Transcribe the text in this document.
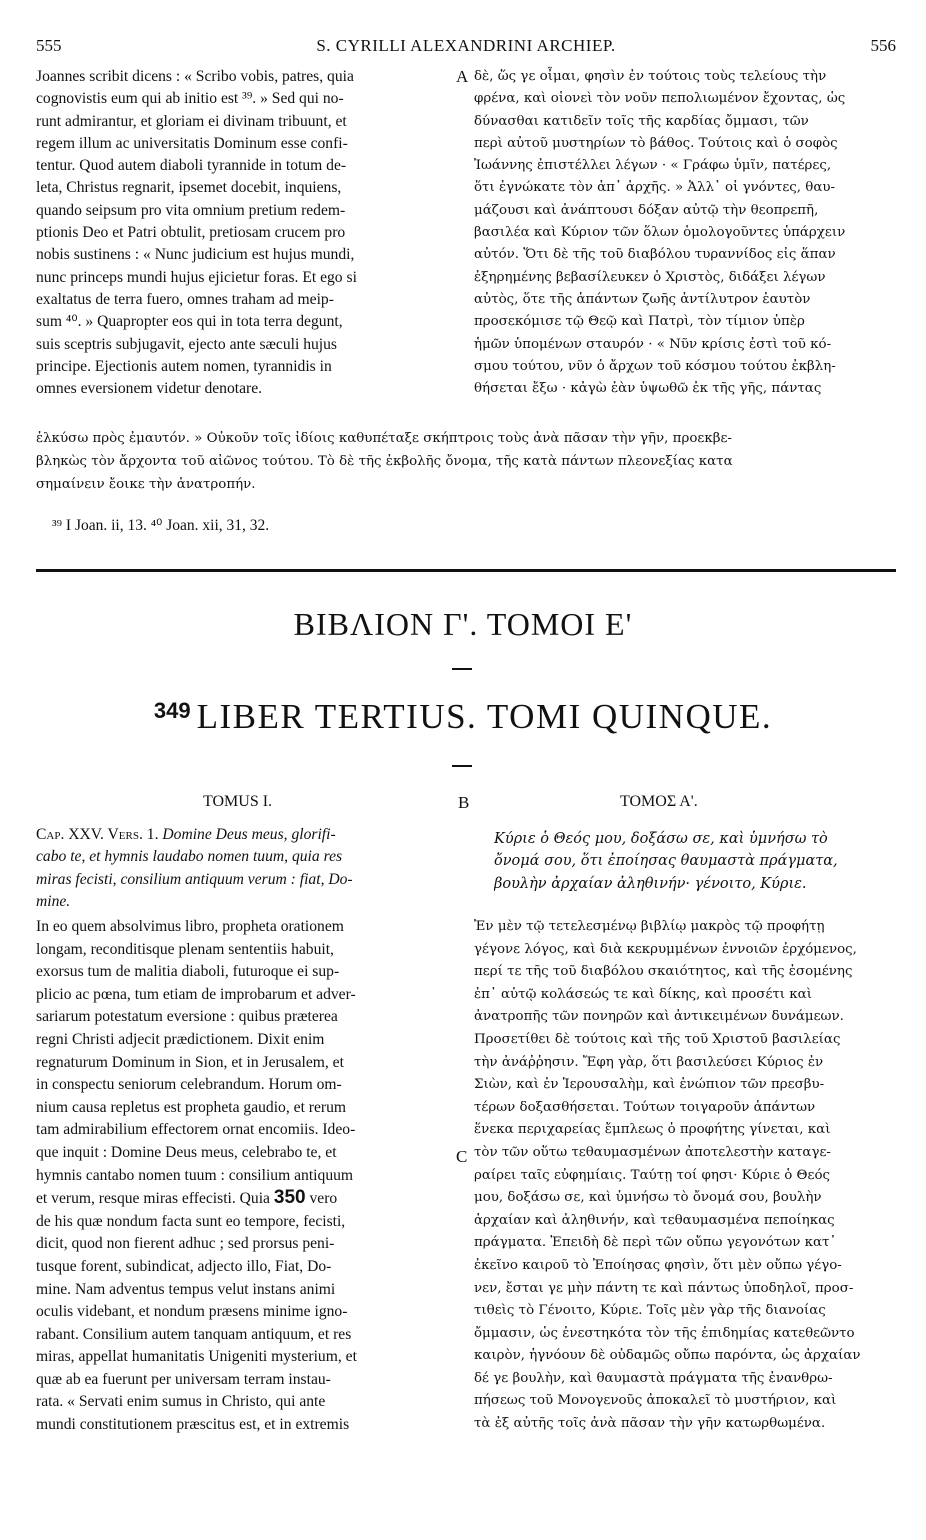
555	S. CYRILLI ALEXANDRINI ARCHIEP.	556

Joannes scribit dicens : « Scribo vobis, patres, quia

cognovistis eum qui ab initio est ³⁹. » Sed qui no-

runt admirantur, et gloriam ei divinam tribuunt, et

regem illum ac universitatis Dominum esse confi-

tentur. Quod autem diaboli tyrannide in totum de-

leta, Christus regnarit, ipsemet docebit, inquiens,

quando seipsum pro vita omnium pretium redem-

ptionis Deo et Patri obtulit, pretiosam crucem pro

nobis sustinens : « Nunc judicium est hujus mundi,

nunc princeps mundi hujus ejicietur foras. Et ego si

exaltatus de terra fuero, omnes traham ad meip-

sum ⁴⁰. » Quapropter eos qui in tota terra degunt,

suis sceptris subjugavit, ejecto ante sæculi hujus

principe. Ejectionis autem nomen, tyrannidis in

omnes eversionem videtur denotare.

A δὲ, ὥς γε οἶμαι, φησὶν ἐν τούτοις τοὺς τελείους τὴν

φρένα, καὶ οἱονεὶ τὸν νοῦν πεπολιωμένον ἔχοντας, ὡς

δύνασθαι κατιδεῖν τοῖς τῆς καρδίας ὄμμασι, τῶν

περὶ αὐτοῦ μυστηρίων τὸ βάθος. Τούτοις καὶ ὁ σοφὸς

Ἰωάννης ἐπιστέλλει λέγων · « Γράφω ὑμῖν, πατέρες,

ὅτι ἐγνώκατε τὸν ἀπ᾽ ἀρχῆς. » Ἀλλ᾽ οἱ γνόντες, θαυ-

μάζουσι καὶ ἀνάπτουσι δόξαν αὐτῷ τὴν θεοπρεπῆ,

βασιλέα καὶ Κύριον τῶν ὅλων ὁμολογοῦντες ὑπάρχειν

αὐτόν. Ὅτι δὲ τῆς τοῦ διαβόλου τυραννίδος εἰς ἅπαν

ἐξηρημένης βεβασίλευκεν ὁ Χριστὸς, διδάξει λέγων

αὐτὸς, ὅτε τῆς ἁπάντων ζωῆς ἀντίλυτρον ἑαυτὸν

προσεκόμισε τῷ Θεῷ καὶ Πατρὶ, τὸν τίμιον ὑπὲρ

ἡμῶν ὑπομένων σταυρόν · « Νῦν κρίσις ἐστὶ τοῦ κό-

σμου τούτου, νῦν ὁ ἄρχων τοῦ κόσμου τούτου ἐκβλη-

θήσεται ἔξω · κἀγὼ ἐὰν ὑψωθῶ ἐκ τῆς γῆς, πάντας

ἑλκύσω πρὸς ἐμαυτόν. » Οὐκοῦν τοῖς ἰδίοις καθυπέταξε σκήπτροις τοὺς ἀνὰ πᾶσαν τὴν γῆν, προεκβε-
βληκὼς τὸν ἄρχοντα τοῦ αἰῶνος τούτου. Τὸ δὲ τῆς ἐκβολῆς ὄνομα, τῆς κατὰ πάντων πλεονεξίας κατα
σημαίνειν ἔοικε τὴν ἀνατροπήν.
³⁹ I Joan. ii, 13. ⁴⁰ Joan. xii, 31, 32.
ΒΙΒΛΙΟΝ Γ'. ΤΟΜΟΙ Ε'
$^{349}$ LIBER TERTIUS. TOMI QUINQUE.
TOMUS I.	B	ΤΟΜΟΣ Α'.

Cap. XXV. Vers. 1. Domine Deus meus, glorifi-

cabo te, et hymnis laudabo nomen tuum, quia res

miras fecisti, consilium antiquum verum : fiat, Do-

mine.

Κύριε ὁ Θεός μου, δοξάσω σε, καὶ ὑμνήσω τὸ

ὄνομά σου, ὅτι ἐποίησας θαυμαστὰ πράγματα,

βουλὴν ἀρχαίαν ἀληθινήν· γένοιτο, Κύριε.

In eo quem absolvimus libro, propheta orationem

longam, reconditisque plenam sententiis habuit,

exorsus tum de malitia diaboli, futuroque ei sup-

plicio ac pœna, tum etiam de improbarum et adver-

sariarum potestatum eversione : quibus præterea

regni Christi adjecit prædictionem. Dixit enim

regnaturum Dominum in Sion, et in Jerusalem, et

in conspectu seniorum celebrandum. Horum om-

nium causa repletus est propheta gaudio, et rerum

tam admirabilium effectorem ornat encomiis. Ideo-

que inquit : Domine Deus meus, celebrabo te, et

hymnis cantabo nomen tuum : consilium antiquum

et verum, resque miras effecisti. Quia 350 vero

de his quæ nondum facta sunt eo tempore, fecisti,

dicit, quod non fierent adhuc ; sed prorsus peni-

tusque forent, subindicat, adjecto illo, Fiat, Do-

mine. Nam adventus tempus velut instans animi

oculis videbant, et nondum præsens minime igno-

rabant. Consilium autem tanquam antiquum, et res

miras, appellat humanitatis Unigeniti mysterium, et

quæ ab ea fuerunt per universam terram instau-

rata. « Servati enim sumus in Christo, qui ante

mundi constitutionem præscitus est, et in extremis

C

Ἐν μὲν τῷ τετελεσμένῳ βιβλίῳ μακρὸς τῷ προφήτῃ

γέγονε λόγος, καὶ διὰ κεκρυμμένων ἐννοιῶν ἐρχόμενος,

περί τε τῆς τοῦ διαβόλου σκαιότητος, καὶ τῆς ἐσομένης

ἐπ᾽ αὐτῷ κολάσεώς τε καὶ δίκης, καὶ προσέτι καὶ

ἀνατροπῆς τῶν πονηρῶν καὶ ἀντικειμένων δυνάμεων.

Προσετίθει δὲ τούτοις καὶ τῆς τοῦ Χριστοῦ βασιλείας

τὴν ἀνάῤῥησιν. Ἔφη γὰρ, ὅτι βασιλεύσει Κύριος ἐν

Σιὼν, καὶ ἐν Ἱερουσαλὴμ, καὶ ἐνώπιον τῶν πρεσβυ-

τέρων δοξασθήσεται. Τούτων τοιγαροῦν ἁπάντων

ἕνεκα περιχαρείας ἔμπλεως ὁ προφήτης γίνεται, καὶ

τὸν τῶν οὕτω τεθαυμασμένων ἀποτελεστὴν καταγε-

ραίρει ταῖς εὐφημίαις. Ταύτῃ τοί φησι· Κύριε ὁ Θεός

μου, δοξάσω σε, καὶ ὑμνήσω τὸ ὄνομά σου, βουλὴν

ἀρχαίαν καὶ ἀληθινήν, καὶ τεθαυμασμένα πεποίηκας

πράγματα. Ἐπειδὴ δὲ περὶ τῶν οὔπω γεγονότων κατ᾽

ἐκεῖνο καιροῦ τὸ Ἐποίησας φησὶν, ὅτι μὲν οὔπω γέγο-

νεν, ἔσται γε μὴν πάντη τε καὶ πάντως ὑποδηλοῖ, προσ-

τιθεὶς τὸ Γένοιτο, Κύριε. Τοῖς μὲν γὰρ τῆς διανοίας

ὄμμασιν, ὡς ἐνεστηκότα τὸν τῆς ἐπιδημίας κατεθεῶντο

καιρὸν, ἠγνόουν δὲ οὐδαμῶς οὔπω παρόντα, ὡς ἀρχαίαν

δέ γε βουλὴν, καὶ θαυμαστὰ πράγματα τῆς ἐνανθρω-

πήσεως τοῦ Μονογενοῦς ἀποκαλεῖ τὸ μυστήριον, καὶ

τὰ ἐξ αὐτῆς τοῖς ἀνὰ πᾶσαν τὴν γῆν κατωρθωμένα.
